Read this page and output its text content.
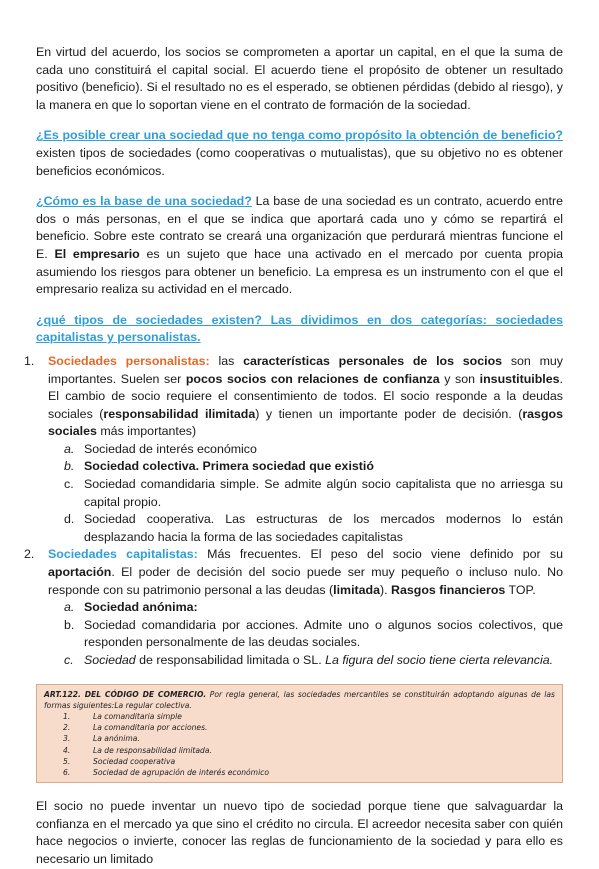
En virtud del acuerdo, los socios se comprometen a aportar un capital, en el que la suma de cada uno constituirá el capital social. El acuerdo tiene el propósito de obtener un resultado positivo (beneficio). Si el resultado no es el esperado, se obtienen pérdidas (debido al riesgo), y la manera en que lo soportan viene en el contrato de formación de la sociedad.

¿Es posible crear una sociedad que no tenga como propósito la obtención de beneficio? existen tipos de sociedades (como cooperativas o mutualistas), que su objetivo no es obtener beneficios económicos.

¿Cómo es la base de una sociedad? La base de una sociedad es un contrato, acuerdo entre dos o más personas, en el que se indica que aportará cada uno y cómo se repartirá el beneficio. Sobre este contrato se creará una organización que perdurará mientras funcione el E. El empresario es un sujeto que hace una activado en el mercado por cuenta propia asumiendo los riesgos para obtener un beneficio. La empresa es un instrumento con el que el empresario realiza su actividad en el mercado.

¿qué tipos de sociedades existen? Las dividimos en dos categorías: sociedades capitalistas y personalistas.

1. Sociedades personalistas: las características personales de los socios son muy importantes. Suelen ser pocos socios con relaciones de confianza y son insustituibles. El cambio de socio requiere el consentimiento de todos. El socio responde a la deudas sociales (responsabilidad ilimitada) y tienen un importante poder de decisión. (rasgos sociales más importantes)
a. Sociedad de interés económico
b. Sociedad colectiva. Primera sociedad que existió
c. Sociedad comandidaria simple. Se admite algún socio capitalista que no arriesga su capital propio.
d. Sociedad cooperativa. Las estructuras de los mercados modernos lo están desplazando hacia la forma de las sociedades capitalistas
2. Sociedades capitalistas: Más frecuentes. El peso del socio viene definido por su aportación. El poder de decisión del socio puede ser muy pequeño o incluso nulo. No responde con su patrimonio personal a las deudas (limitada). Rasgos financieros TOP.
a. Sociedad anónima:
b. Sociedad comandidaria por acciones. Admite uno o algunos socios colectivos, que responden personalmente de las deudas sociales.
c. Sociedad de responsabilidad limitada o SL. La figura del socio tiene cierta relevancia.
ART.122. DEL CÓDIGO DE COMERCIO. Por regla general, las sociedades mercantiles se constituirán adoptando algunas de las formas siguientes:La regular colectiva.
1.	La comanditaria simple
2.	La comanditaria por acciones.
3.	La anónima.
4.	La de responsabilidad limitada.
5.	Sociedad cooperativa
6.	Sociedad de agrupación de interés económico

El socio no puede inventar un nuevo tipo de sociedad porque tiene que salvaguardar la confianza en el mercado ya que sino el crédito no circula. El acreedor necesita saber con quién hace negocios o invierte, conocer las reglas de funcionamiento de la sociedad y para ello es necesario un limitado
